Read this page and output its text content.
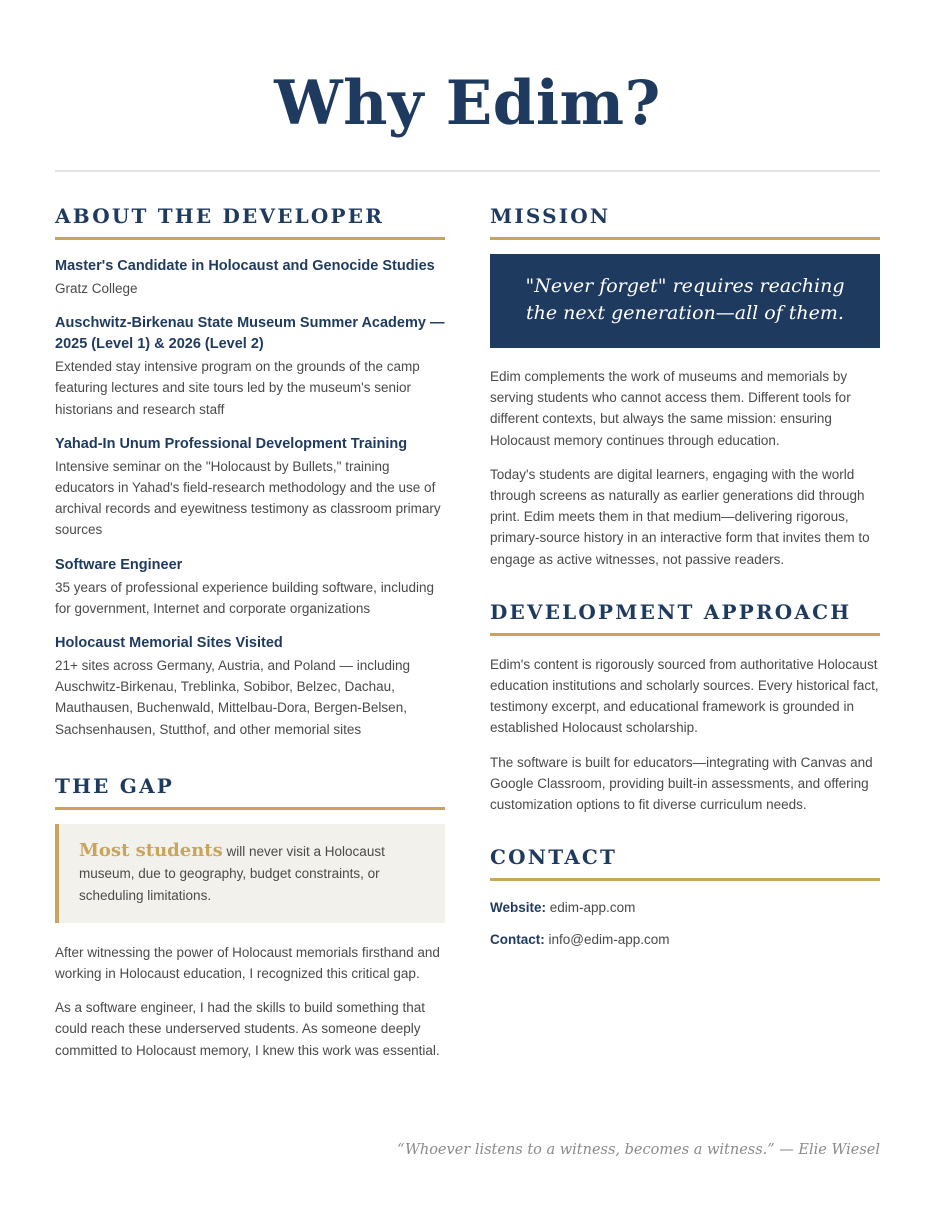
Why Edim?
ABOUT THE DEVELOPER
Master's Candidate in Holocaust and Genocide Studies
Gratz College
Auschwitz-Birkenau State Museum Summer Academy — 2025 (Level 1) & 2026 (Level 2)
Extended stay intensive program on the grounds of the camp featuring lectures and site tours led by the museum's senior historians and research staff
Yahad-In Unum Professional Development Training
Intensive seminar on the "Holocaust by Bullets," training educators in Yahad's field-research methodology and the use of archival records and eyewitness testimony as classroom primary sources
Software Engineer
35 years of professional experience building software, including for government, Internet and corporate organizations
Holocaust Memorial Sites Visited
21+ sites across Germany, Austria, and Poland — including Auschwitz-Birkenau, Treblinka, Sobibor, Belzec, Dachau, Mauthausen, Buchenwald, Mittelbau-Dora, Bergen-Belsen, Sachsenhausen, Stutthof, and other memorial sites
THE GAP
Most students will never visit a Holocaust museum, due to geography, budget constraints, or scheduling limitations.

After witnessing the power of Holocaust memorials firsthand and working in Holocaust education, I recognized this critical gap.

As a software engineer, I had the skills to build something that could reach these underserved students. As someone deeply committed to Holocaust memory, I knew this work was essential.

MISSION
"Never forget" requires reaching the next generation—all of them.

Edim complements the work of museums and memorials by serving students who cannot access them. Different tools for different contexts, but always the same mission: ensuring Holocaust memory continues through education.

Today's students are digital learners, engaging with the world through screens as naturally as earlier generations did through print. Edim meets them in that medium—delivering rigorous, primary-source history in an interactive form that invites them to engage as active witnesses, not passive readers.

DEVELOPMENT APPROACH

Edim's content is rigorously sourced from authoritative Holocaust education institutions and scholarly sources. Every historical fact, testimony excerpt, and educational framework is grounded in established Holocaust scholarship.

The software is built for educators—integrating with Canvas and Google Classroom, providing built-in assessments, and offering customization options to fit diverse curriculum needs.

CONTACT
Website: edim-app.com
Contact: info@edim-app.com
“Whoever listens to a witness, becomes a witness.” — Elie Wiesel
